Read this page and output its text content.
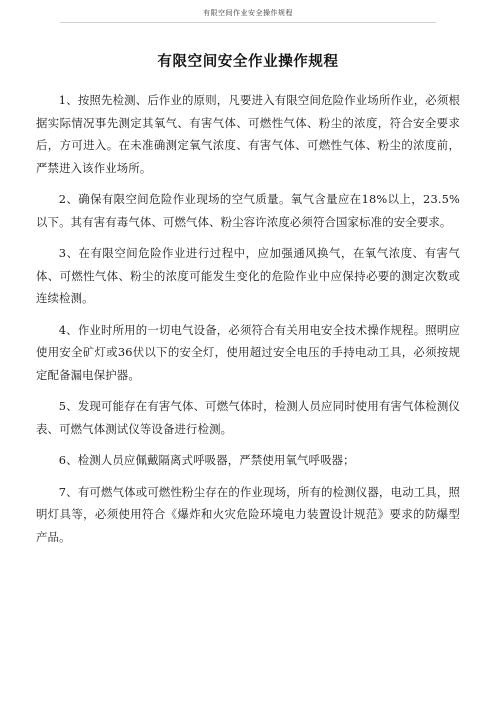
有限空间作业安全操作规程
有限空间安全作业操作规程

1、按照先检测、后作业的原则，凡要进入有限空间危险作业场所作业，必须根据实际情况事先测定其氧气、有害气体、可燃性气体、粉尘的浓度，符合安全要求后，方可进入。在未准确测定氧气浓度、有害气体、可燃性气体、粉尘的浓度前，严禁进入该作业场所。

2、确保有限空间危险作业现场的空气质量。氧气含量应在18%以上，23.5%以下。其有害有毒气体、可燃气体、粉尘容许浓度必须符合国家标准的安全要求。

3、在有限空间危险作业进行过程中，应加强通风换气，在氧气浓度、有害气体、可燃性气体、粉尘的浓度可能发生变化的危险作业中应保持必要的测定次数或连续检测。

4、作业时所用的一切电气设备，必须符合有关用电安全技术操作规程。照明应使用安全矿灯或36伏以下的安全灯，使用超过安全电压的手持电动工具，必须按规定配备漏电保护器。

5、发现可能存在有害气体、可燃气体时，检测人员应同时使用有害气体检测仪表、可燃气体测试仪等设备进行检测。

6、检测人员应佩戴隔离式呼吸器，严禁使用氧气呼吸器；

7、有可燃气体或可燃性粉尘存在的作业现场，所有的检测仪器，电动工具，照明灯具等，必须使用符合《爆炸和火灾危险环境电力装置设计规范》要求的防爆型产品。
